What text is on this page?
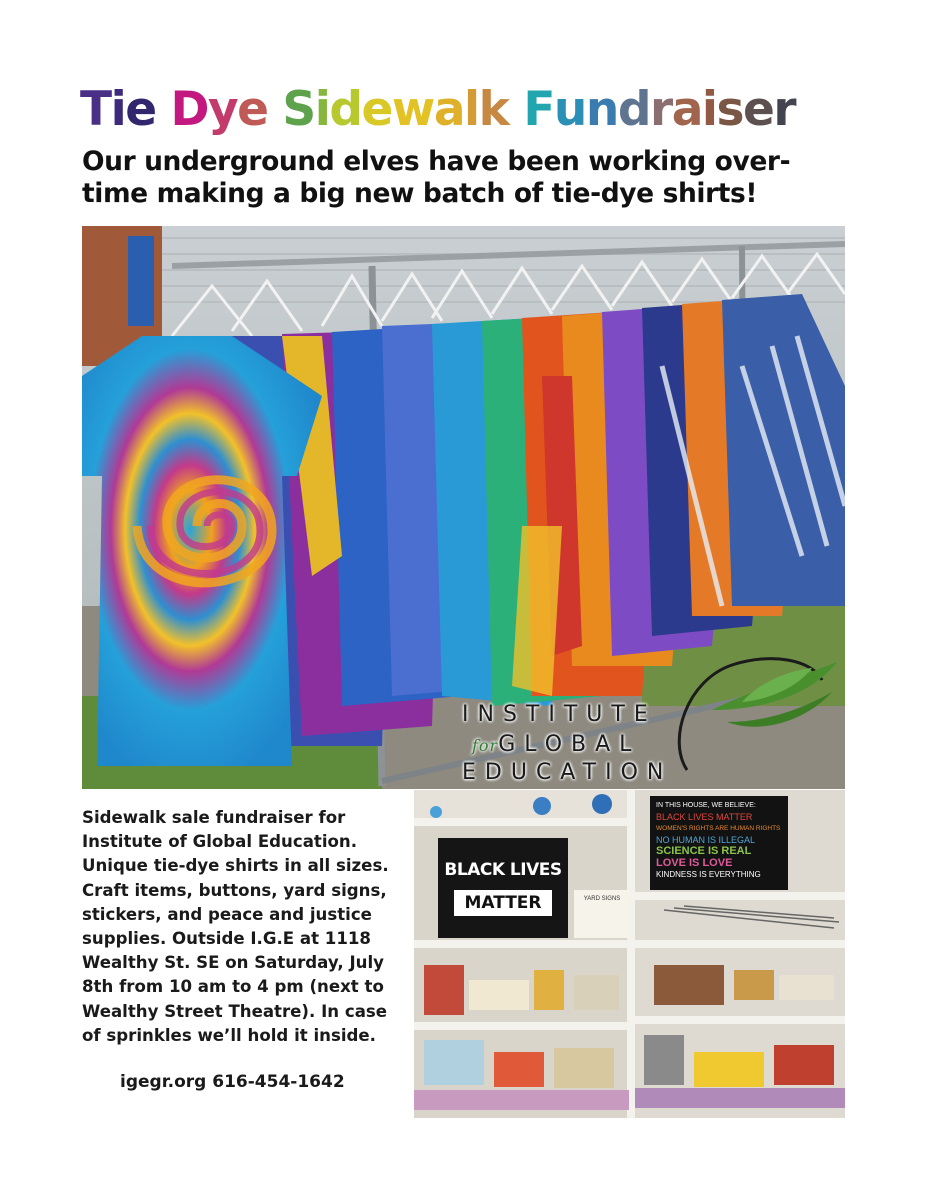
Tie Dye Sidewalk Fundraiser
Our underground elves have been working over-time making a big new batch of tie-dye shirts!
INSTITUTE
forGLOBAL
EDUCATION
Sidewalk sale fundraiser for Institute of Global Education. Unique tie-dye shirts in all sizes. Craft items, buttons, yard signs, stickers, and peace and justice supplies. Outside I.G.E at 1118 Wealthy St. SE on Saturday, July 8th from 10 am to 4 pm (next to Wealthy Street Theatre). In case of sprinkles we’ll hold it inside.
igegr.org 616-454-1642
BLACK LIVES
MATTER	YARD SIGNS
IN THIS HOUSE, WE BELIEVE:
BLACK LIVES MATTER
WOMEN'S RIGHTS ARE HUMAN RIGHTS
NO HUMAN IS ILLEGAL
SCIENCE IS REAL
LOVE IS LOVE
KINDNESS IS EVERYTHING
